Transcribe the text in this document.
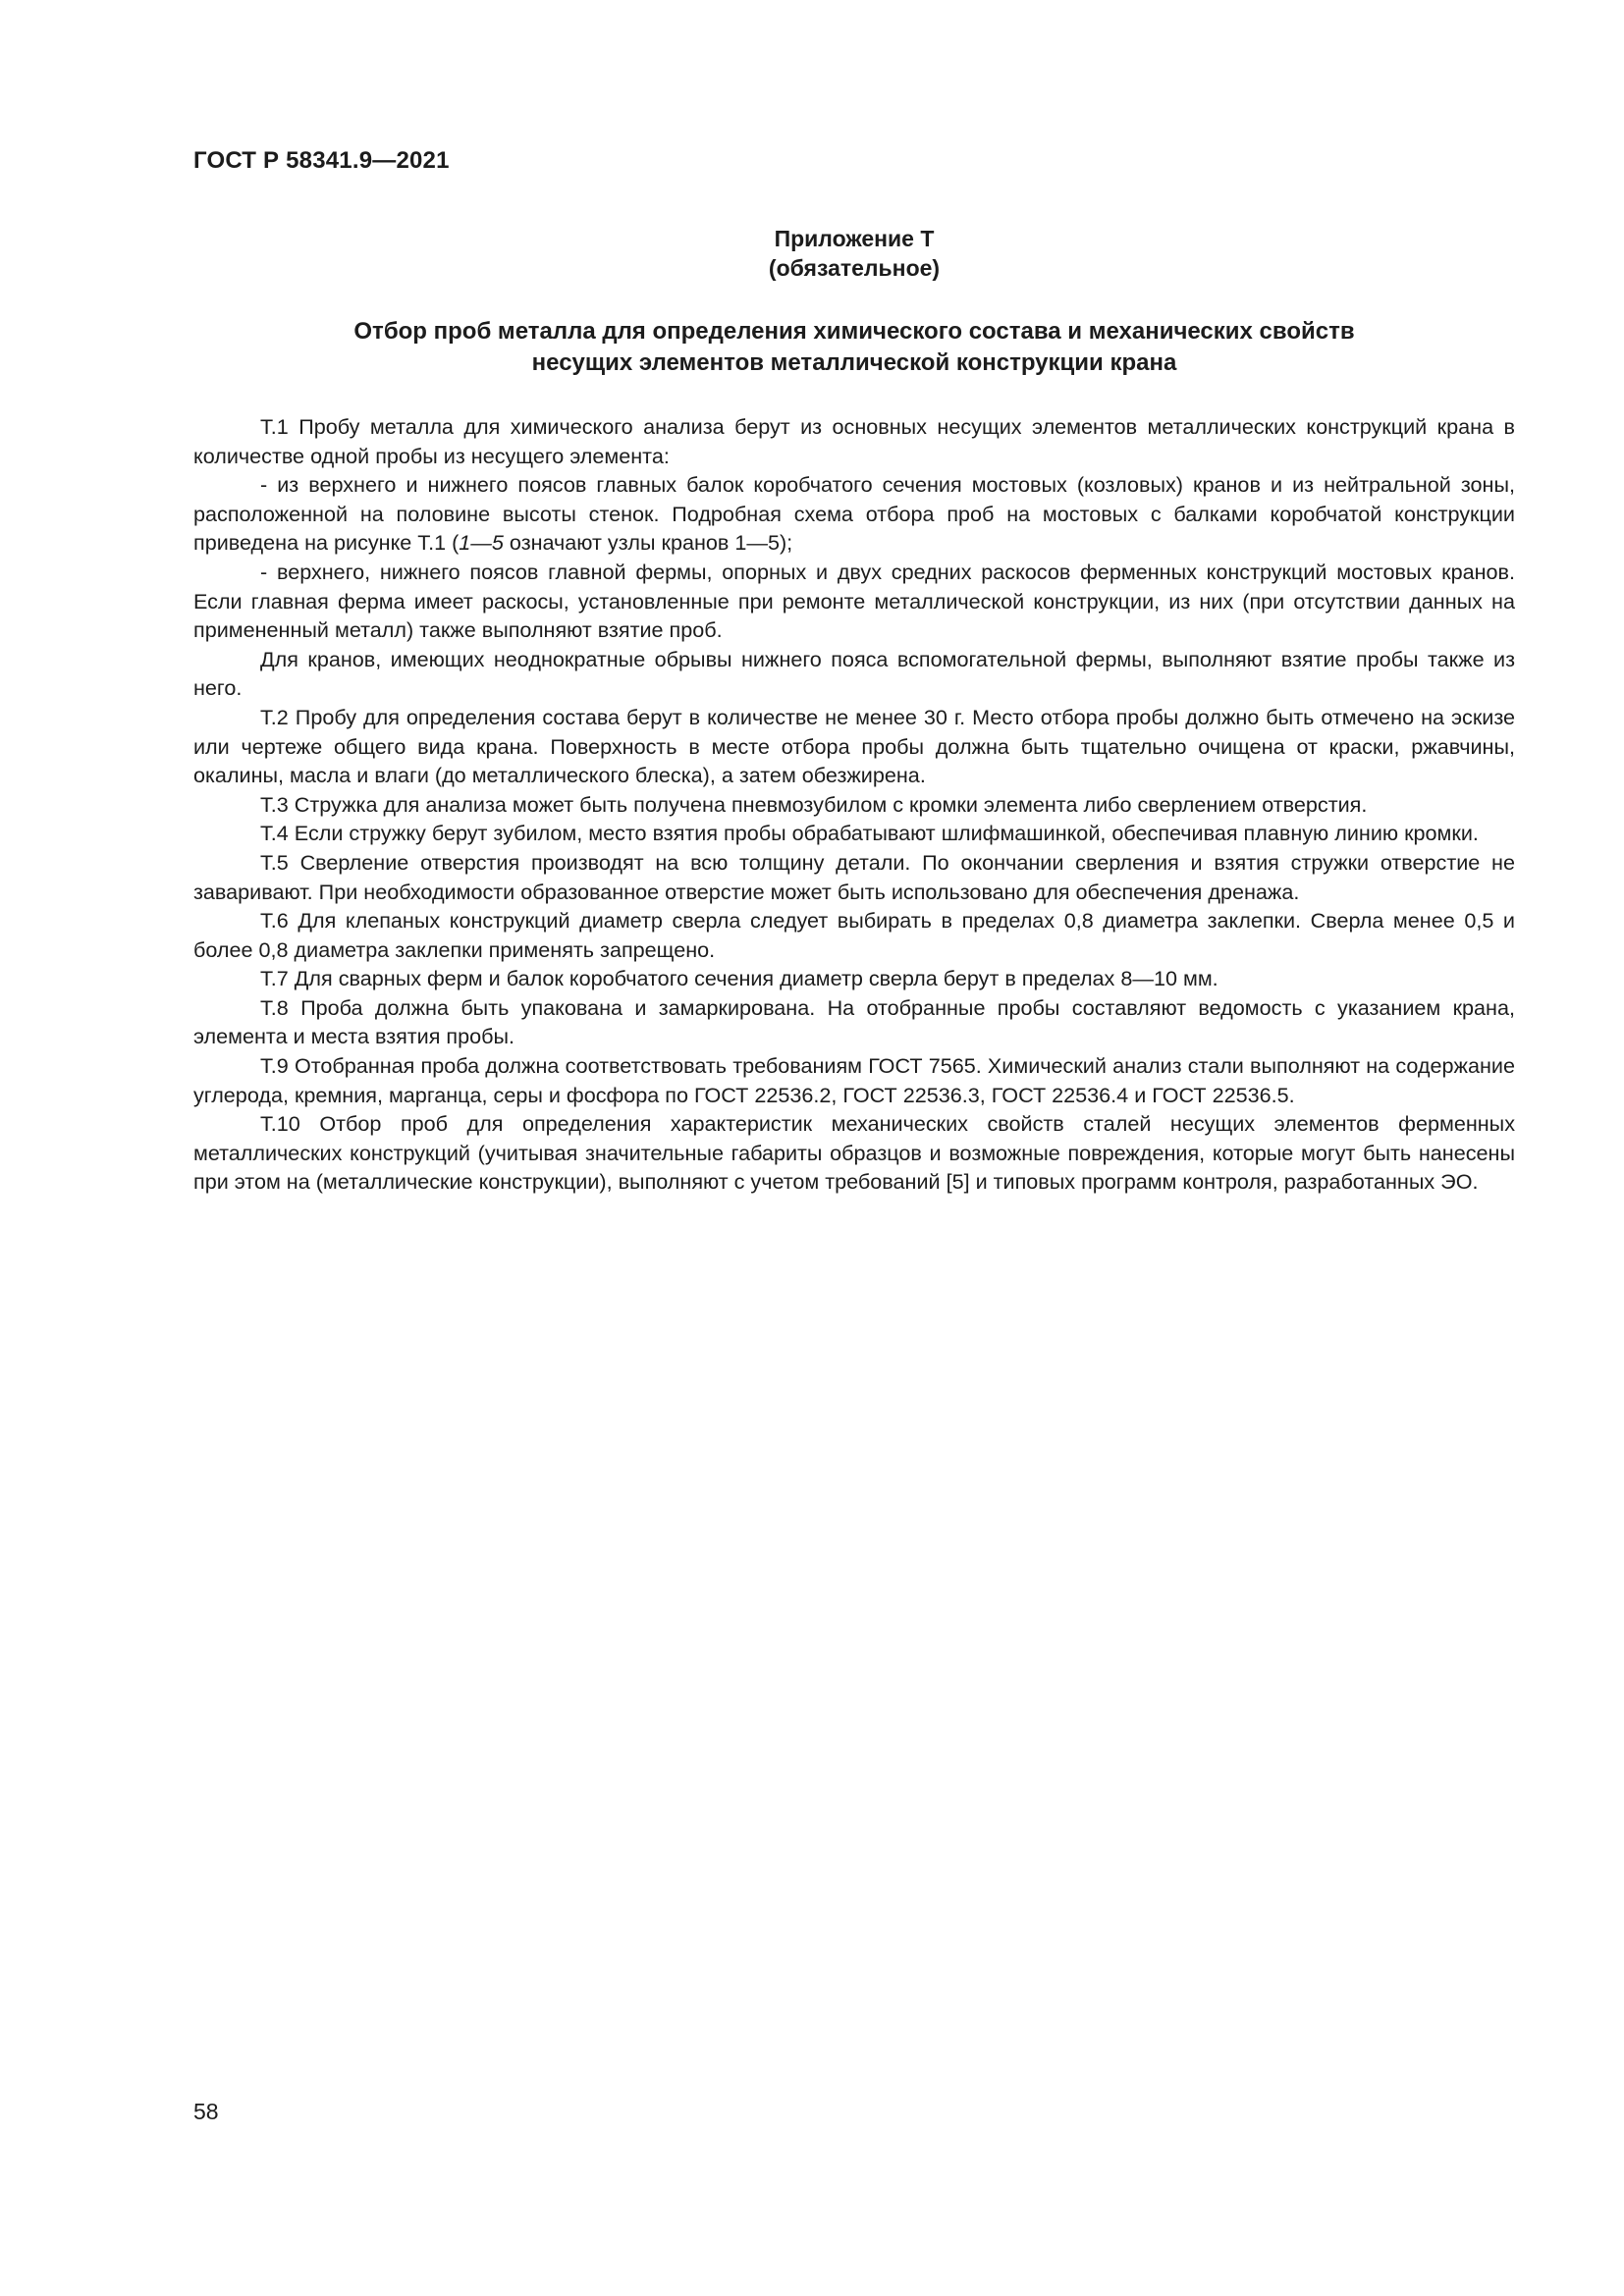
ГОСТ Р 58341.9—2021
Приложение Т
(обязательное)
Отбор проб металла для определения химического состава и механических свойств
несущих элементов металлической конструкции крана

Т.1 Пробу металла для химического анализа берут из основных несущих элементов металлических конструкций крана в количестве одной пробы из несущего элемента:

- из верхнего и нижнего поясов главных балок коробчатого сечения мостовых (козловых) кранов и из нейтральной зоны, расположенной на половине высоты стенок. Подробная схема отбора проб на мостовых с балками коробчатой конструкции приведена на рисунке Т.1 (1—5 означают узлы кранов 1—5);

- верхнего, нижнего поясов главной фермы, опорных и двух средних раскосов ферменных конструкций мостовых кранов. Если главная ферма имеет раскосы, установленные при ремонте металлической конструкции, из них (при отсутствии данных на примененный металл) также выполняют взятие проб.

Для кранов, имеющих неоднократные обрывы нижнего пояса вспомогательной фермы, выполняют взятие пробы также из него.

Т.2 Пробу для определения состава берут в количестве не менее 30 г. Место отбора пробы должно быть отмечено на эскизе или чертеже общего вида крана. Поверхность в месте отбора пробы должна быть тщательно очищена от краски, ржавчины, окалины, масла и влаги (до металлического блеска), а затем обезжирена.

Т.3 Стружка для анализа может быть получена пневмозубилом с кромки элемента либо сверлением отверстия.

Т.4 Если стружку берут зубилом, место взятия пробы обрабатывают шлифмашинкой, обеспечивая плавную линию кромки.

Т.5 Сверление отверстия производят на всю толщину детали. По окончании сверления и взятия стружки отверстие не заваривают. При необходимости образованное отверстие может быть использовано для обеспечения дренажа.

Т.6 Для клепаных конструкций диаметр сверла следует выбирать в пределах 0,8 диаметра заклепки. Сверла менее 0,5 и более 0,8 диаметра заклепки применять запрещено.

Т.7 Для сварных ферм и балок коробчатого сечения диаметр сверла берут в пределах 8—10 мм.

Т.8 Проба должна быть упакована и замаркирована. На отобранные пробы составляют ведомость с указанием крана, элемента и места взятия пробы.

Т.9 Отобранная проба должна соответствовать требованиям ГОСТ 7565. Химический анализ стали выполняют на содержание углерода, кремния, марганца, серы и фосфора по ГОСТ 22536.2, ГОСТ 22536.3, ГОСТ 22536.4 и ГОСТ 22536.5.

Т.10 Отбор проб для определения характеристик механических свойств сталей несущих элементов ферменных металлических конструкций (учитывая значительные габариты образцов и возможные повреждения, которые могут быть нанесены при этом на (металлические конструкции), выполняют с учетом требований [5] и типовых программ контроля, разработанных ЭО.

58
